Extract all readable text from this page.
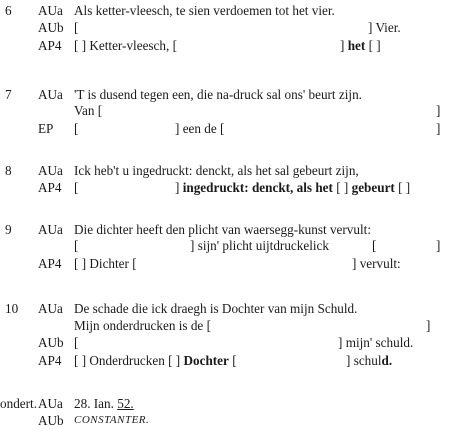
6 AUa Als ketter-vleesch, te sien verdoemen tot het vier.
AUb [	] Vier.
AP4 [ ] Ketter-vleesch, [	] het [ ]
7 AUa 'T is dusend tegen een, die na-druck sal ons' beurt zijn.
Van [	]
EP [	] een de [	]
8 AUa Ick heb't u ingedruckt: denckt, als het sal gebeurt zijn,
AP4 [	] ingedruckt: denckt, als het [ ] gebeurt [ ]
9 AUa Die dichter heeft den plicht van waersegg-kunst vervult:
[	] sijn' plicht uijtdruckelick	[	]
AP4 [ ] Dichter [	] vervult:
10 AUa De schade die ick draegh is Dochter van mijn Schuld.
Mijn onderdrucken is de [	]
AUb [	] mijn' schuld.
AP4 [ ] Onderdrucken [ ] Dochter [	] schuld.
ondert. AUa 28. Ian. 52.
AUb CONSTANTER.
